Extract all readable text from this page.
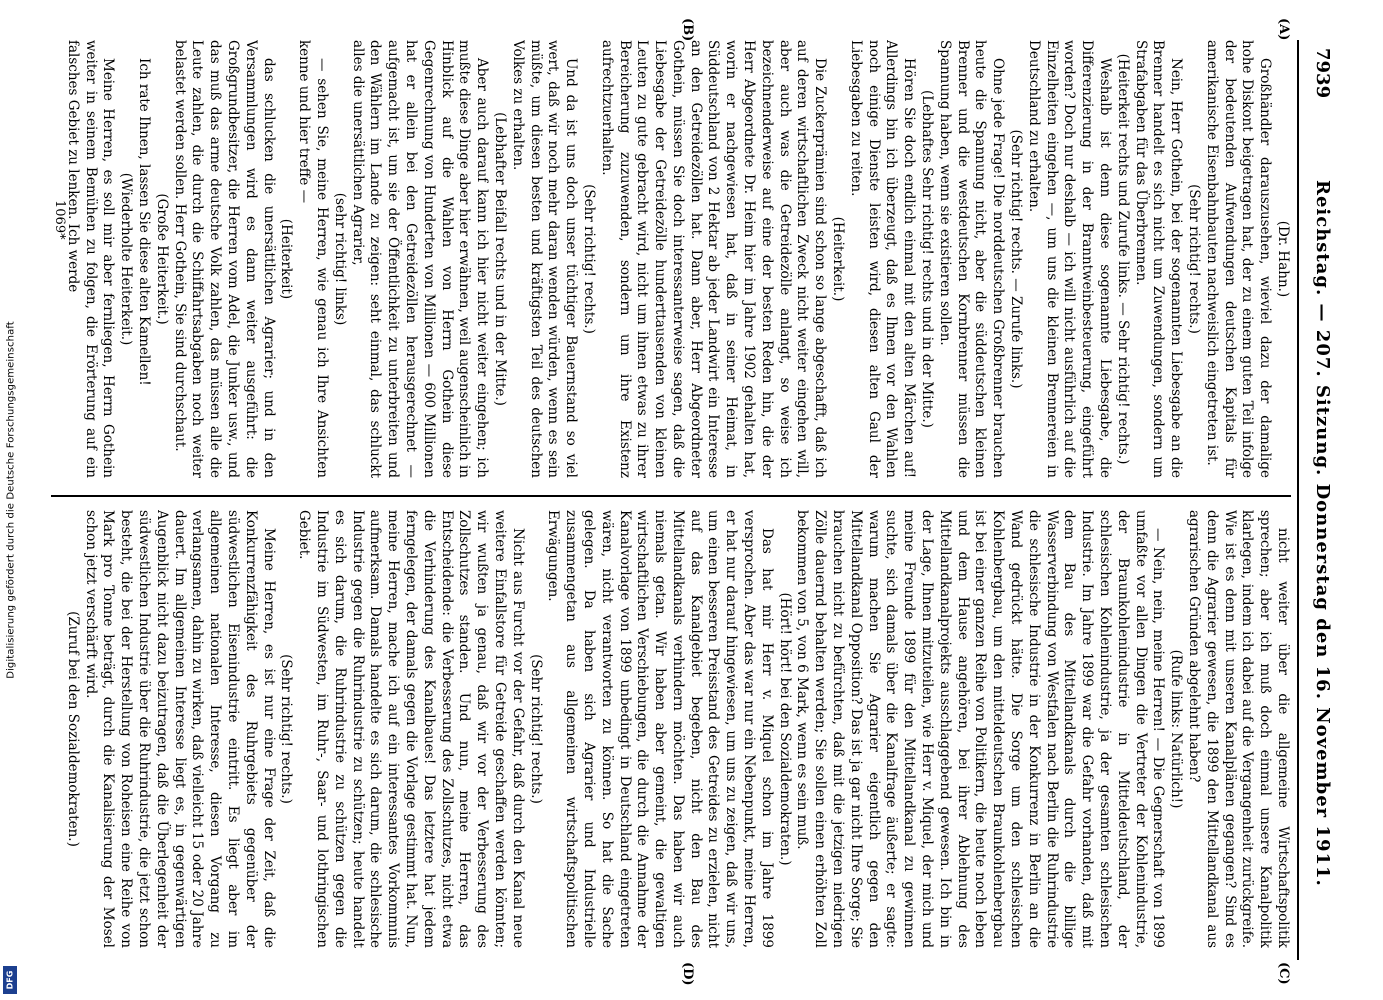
Digitalisierung gefördert durch die Deutsche Forschungsgemeinschaft
DFG
7939
Reichstag. — 207. Sitzung. Donnerstag den 16. November 1911.

(Dr. Hahn.)

Großhändler darauszusehen, wieviel dazu der damalige hohe Diskont beigetragen hat, der zu einem guten Teil infolge der bedeutenden Aufwendungen deutschen Kapitals für amerikanische Eisenbahnbauten nachweislich eingetreten ist.

(Sehr richtig! rechts.)

Nein, Herr Gothein, bei der sogenannten Liebesgabe an die Brenner handelt es sich nicht um Zuwendungen, sondern um Strafabgaben für das Überbrennen.

(Heiterkeit rechts und Zurufe links. — Sehr richtig! rechts.)

Weshalb ist denn diese sogenannte Liebesgabe, die Differenzierung in der Branntweinbesteuerung, eingeführt worden? Doch nur deshalb — ich will nicht ausführlich auf die Einzelheiten eingehen —, um uns die kleinen Brennereien in Deutschland zu erhalten.

(Sehr richtig! rechts. — Zurufe links.)

Ohne jede Frage! Die norddeutschen Großbrenner brauchen heute die Spannung nicht, aber die süddeutschen kleinen Brenner und die westdeutschen Kornbrenner müssen die Spannung haben, wenn sie existieren sollen.

(Lebhaftes Sehr richtig! rechts und in der Mitte.)

Hören Sie doch endlich einmal mit den alten Märchen auf! Allerdings bin ich überzeugt, daß es Ihnen vor den Wahlen noch einige Dienste leisten wird, diesen alten Gaul der Liebesgaben zu reiten.

(Heiterkeit.)

Die Zuckerprämien sind schon so lange abgeschafft, daß ich auf deren wirtschaftlichen Zweck nicht weiter eingehen will, aber auch was die Getreidezölle anlangt, so weise ich bezeichnenderweise auf eine der besten Reden hin, die der Herr Abgeordnete Dr. Heim hier im Jahre 1902 gehalten hat, worin er nachgewiesen hat, daß in seiner Heimat, in Süddeutschland von 2 Hektar ab jeder Landwirt ein Interesse an den Getreidezöllen hat. Dann aber, Herr Abgeordneter Gothein, müssen Sie doch interessanterweise sagen, daß die Liebesgabe der Getreidezölle hunderttausenden von kleinen Leuten zu gute gebracht wird, nicht um ihnen etwas zu ihrer Bereicherung zuzuwenden, sondern um ihre Existenz aufrechtzuerhalten.

(Sehr richtig! rechts.)

Und da ist uns doch unser tüchtiger Bauernstand so viel wert, daß wir noch mehr daran wenden würden, wenn es sein müßte, um diesen besten und kräftigsten Teil des deutschen Volkes zu erhalten.

(Lebhafter Beifall rechts und in der Mitte.)

Aber auch darauf kann ich hier nicht weiter eingehen; ich mußte diese Dinge aber hier erwähnen, weil augenscheinlich in Hinblick auf die Wahlen von Herrn Gothein diese Gegenrechnung von Hunderten von Millionen — 600 Millionen hat er allein bei den Getreidezöllen herausgerechnet — aufgemacht ist, um sie der Öffentlichkeit zu unterbreiten und den Wählern im Lande zu zeigen: seht einmal, das schluckt alles die unersättlichen Agrarier,

(sehr richtig! links)

— sehen Sie, meine Herren, wie genau ich Ihre Ansichten kenne und hier treffe —

(Heiterkeit)

das schlucken die unersättlichen Agrarier; und in den Versammlungen wird es dann weiter ausgeführt: die Großgrundbesitzer, die Herren vom Adel, die Junker usw., und das muß das arme deutsche Volk zahlen, das müssen alle die Leute zahlen, die durch die Schiffahrtsabgaben noch weiter belastet werden sollen. Herr Gothein, Sie sind durchschaut.

(Große Heiterkeit.)

Ich rate Ihnen, lassen Sie diese alten Kamellen!

(Wiederholte Heiterkeit.)

Meine Herren, es soll mir aber fernliegen, Herrn Gothein weiter in seinem Bemühen zu folgen, die Erörterung auf ein falsches Gebiet zu lenken. Ich werde

nicht weiter über die allgemeine Wirtschaftspolitik sprechen; aber ich muß doch einmal unsere Kanalpolitik klarlegen, indem ich dabei auf die Vergangenheit zurückgreife. Wie ist es denn mit unseren Kanalplänen gegangen? Sind es denn die Agrarier gewesen, die 1899 den Mittellandkanal aus agrarischen Gründen abgelehnt haben?

(Rufe links: Natürlich!)

— Nein, nein, meine Herren! — Die Gegnerschaft von 1899 umfaßte vor allen Dingen die Vertreter der Kohlenindustrie, der Braunkohlenindustrie in Mitteldeutschland, der schlesischen Kohlenindustrie, ja der gesamten schlesischen Industrie. Im Jahre 1899 war die Gefahr vorhanden, daß mit dem Bau des Mittellandkanals durch die billige Wasserverbindung von Westfalen nach Berlin die Ruhrindustrie die schlesische Industrie in der Konkurrenz in Berlin an die Wand gedrückt hätte. Die Sorge um den schlesischen Kohlenbergbau, um den mitteldeutschen Braunkohlenbergbau ist bei einer ganzen Reihe von Politikern, die heute noch leben und dem Hause angehören, bei ihrer Ablehnung des Mittellandkanalprojekts ausschlaggebend gewesen. Ich bin in der Lage, Ihnen mitzuteilen, wie Herr v. Miquel, der mich und meine Freunde 1899 für den Mittellandkanal zu gewinnen suchte, sich damals über die Kanalfrage äußerte; er sagte: warum machen Sie Agrarier eigentlich gegen den Mittellandkanal Opposition? Das ist ja gar nicht Ihre Sorge; Sie brauchen nicht zu befürchten, daß mit die jetzigen niedrigen Zölle dauernd behalten werden; Sie sollen einen erhöhten Zoll bekommen von 5, von 6 Mark, wenn es sein muß.

(Hört! hört! bei den Sozialdemokraten.)

Das hat mir Herr v. Miquel schon im Jahre 1899 versprochen. Aber das war nur ein Nebenpunkt, meine Herren, er hat nur darauf hingewiesen, um uns zu zeigen, daß wir uns, um einen besseren Preisstand des Getreides zu erzielen, nicht auf das Kanalgebiet begeben, nicht den Bau des Mittellandkanals verhindern möchten. Das haben wir auch niemals getan. Wir haben aber gemeint, die gewaltigen wirtschaftlichen Verschiebungen, die durch die Annahme der Kanalvorlage von 1899 unbedingt in Deutschland eingetreten wären, nicht verantworten zu können. So hat die Sache gelegen. Da haben sich Agrarier und Industrielle zusammengetan aus allgemeinen wirtschaftspolitischen Erwägungen.

(Sehr richtig! rechts.)

Nicht aus Furcht vor der Gefahr, daß durch den Kanal neue weitere Einfallstore für Getreide geschaffen werden könnten; wir wußten ja genau, daß wir vor der Verbesserung des Zollschutzes standen. Und nun, meine Herren, das Entscheidende: die Verbesserung des Zollschutzes, nicht etwa die Verhinderung des Kanalbaues! Das letztere hat jedem ferngelegen, der damals gegen die Vorlage gestimmt hat. Nun, meine Herren, mache ich auf ein interessantes Vorkommnis aufmerksam. Damals handelte es sich darum, die schlesische Industrie gegen die Ruhrindustrie zu schützen; heute handelt es sich darum, die Ruhrindustrie zu schützen gegen die Industrie im Südwesten, im Ruhr-, Saar- und lothringischen Gebiet.

(Sehr richtig! rechts.)

Meine Herren, es ist nur eine Frage der Zeit, daß die Konkurrenzfähigkeit des Ruhrgebiets gegenüber der südwestlichen Eisenindustrie eintritt. Es liegt aber im allgemeinen nationalen Interesse, diesen Vorgang zu verlangsamen, dahin zu wirken, daß vielleicht 15 oder 20 Jahre dauert. Im allgemeinen Interesse liegt es, in gegenwärtigen Augenblick nicht dazu beizutragen, daß die Überlegenheit der südwestlichen Industrie über die Ruhrindustrie, die jetzt schon besteht, die bei der Herstellung von Roheisen eine Reihe von Mark pro Tonne beträgt, durch die Kanalisierung der Mosel schon jetzt verschärft wird.

(Zuruf bei den Sozialdemokraten.)

(A)
(B)
(C)
(D)
1069*
